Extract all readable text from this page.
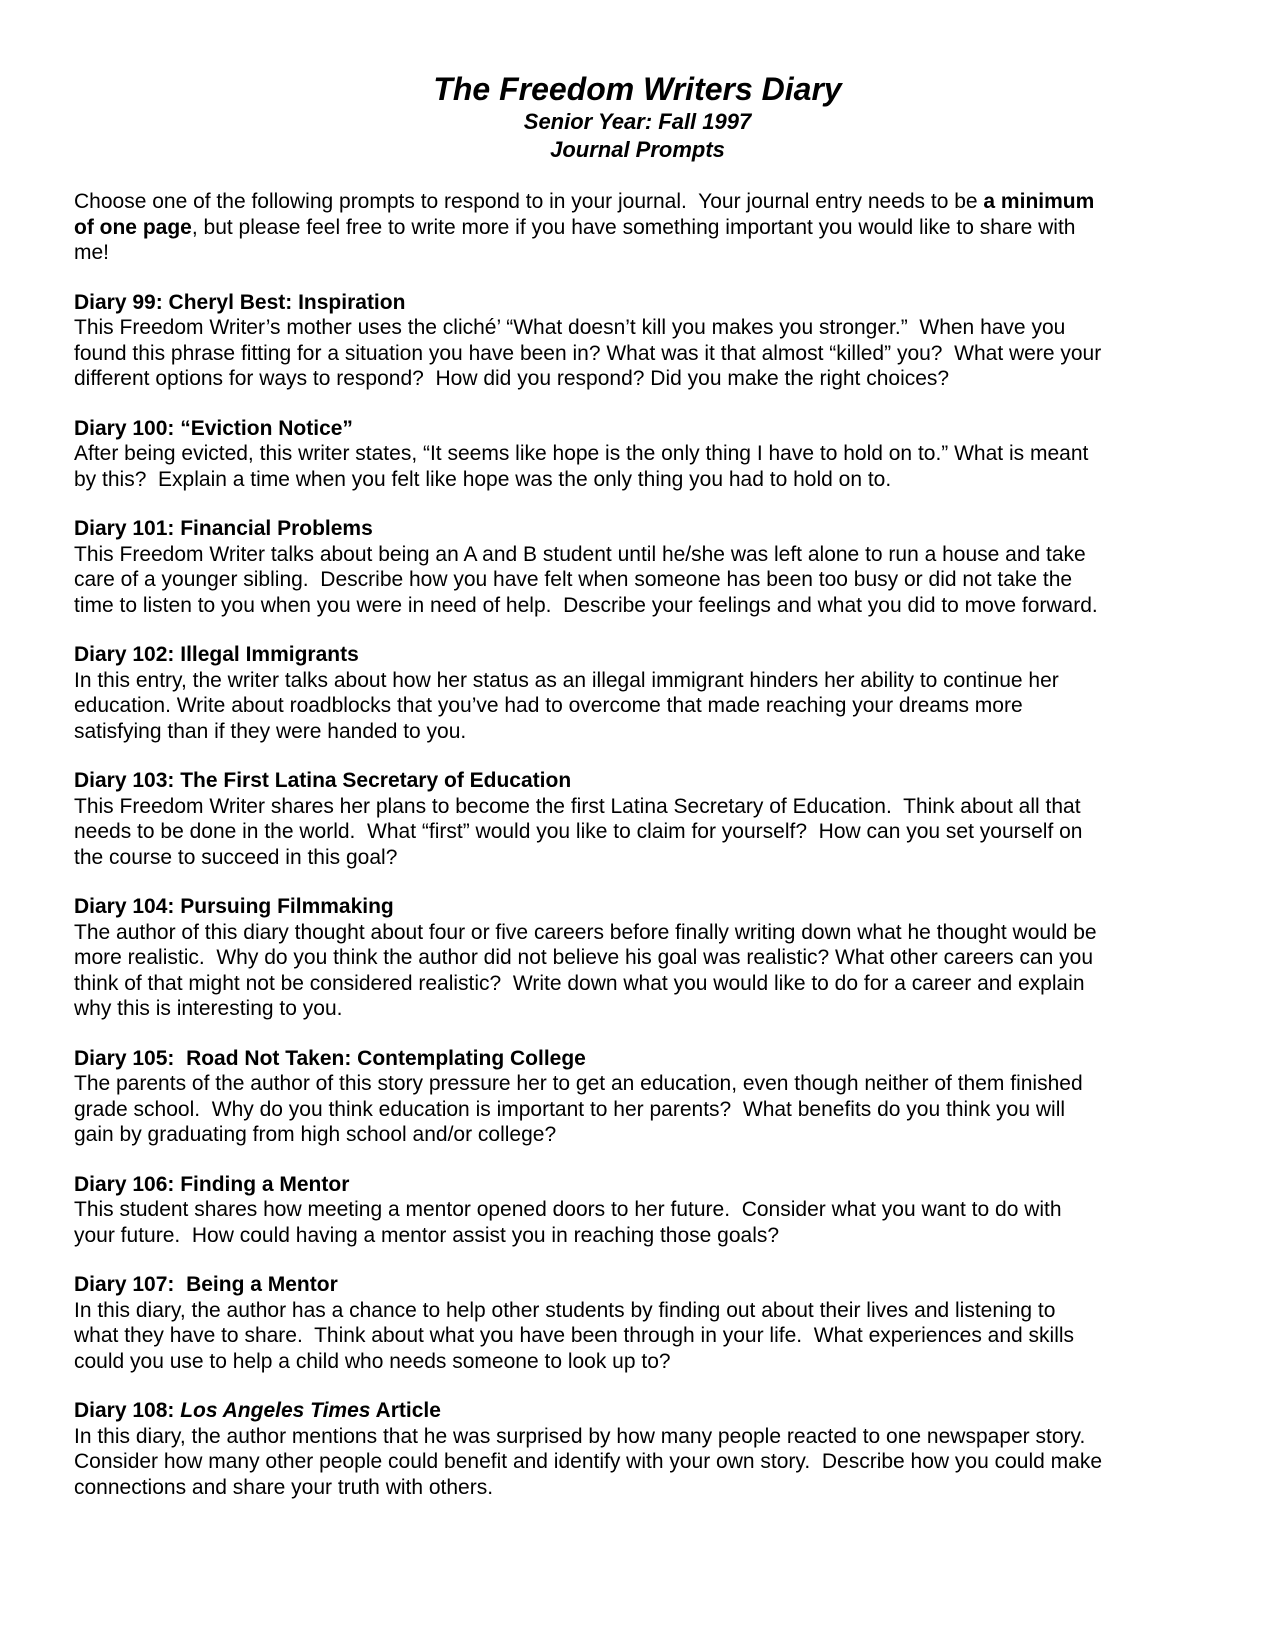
The Freedom Writers Diary
Senior Year: Fall 1997
Journal Prompts
Choose one of the following prompts to respond to in your journal.  Your journal entry needs to be a minimum
of one page, but please feel free to write more if you have something important you would like to share with
me!
Diary 99: Cheryl Best: Inspiration
This Freedom Writer’s mother uses the cliché’ “What doesn’t kill you makes you stronger.”  When have you
found this phrase fitting for a situation you have been in? What was it that almost “killed” you?  What were your
different options for ways to respond?  How did you respond? Did you make the right choices?
Diary 100: “Eviction Notice”
After being evicted, this writer states, “It seems like hope is the only thing I have to hold on to.” What is meant
by this?  Explain a time when you felt like hope was the only thing you had to hold on to.
Diary 101: Financial Problems
This Freedom Writer talks about being an A and B student until he/she was left alone to run a house and take
care of a younger sibling.  Describe how you have felt when someone has been too busy or did not take the
time to listen to you when you were in need of help.  Describe your feelings and what you did to move forward.
Diary 102: Illegal Immigrants
In this entry, the writer talks about how her status as an illegal immigrant hinders her ability to continue her
education. Write about roadblocks that you’ve had to overcome that made reaching your dreams more
satisfying than if they were handed to you.
Diary 103: The First Latina Secretary of Education
This Freedom Writer shares her plans to become the first Latina Secretary of Education.  Think about all that
needs to be done in the world.  What “first” would you like to claim for yourself?  How can you set yourself on
the course to succeed in this goal?
Diary 104: Pursuing Filmmaking
The author of this diary thought about four or five careers before finally writing down what he thought would be
more realistic.  Why do you think the author did not believe his goal was realistic? What other careers can you
think of that might not be considered realistic?  Write down what you would like to do for a career and explain
why this is interesting to you.
Diary 105:  Road Not Taken: Contemplating College
The parents of the author of this story pressure her to get an education, even though neither of them finished
grade school.  Why do you think education is important to her parents?  What benefits do you think you will
gain by graduating from high school and/or college?
Diary 106: Finding a Mentor
This student shares how meeting a mentor opened doors to her future.  Consider what you want to do with
your future.  How could having a mentor assist you in reaching those goals?
Diary 107:  Being a Mentor
In this diary, the author has a chance to help other students by finding out about their lives and listening to
what they have to share.  Think about what you have been through in your life.  What experiences and skills
could you use to help a child who needs someone to look up to?
Diary 108: Los Angeles Times Article
In this diary, the author mentions that he was surprised by how many people reacted to one newspaper story.
Consider how many other people could benefit and identify with your own story.  Describe how you could make
connections and share your truth with others.
